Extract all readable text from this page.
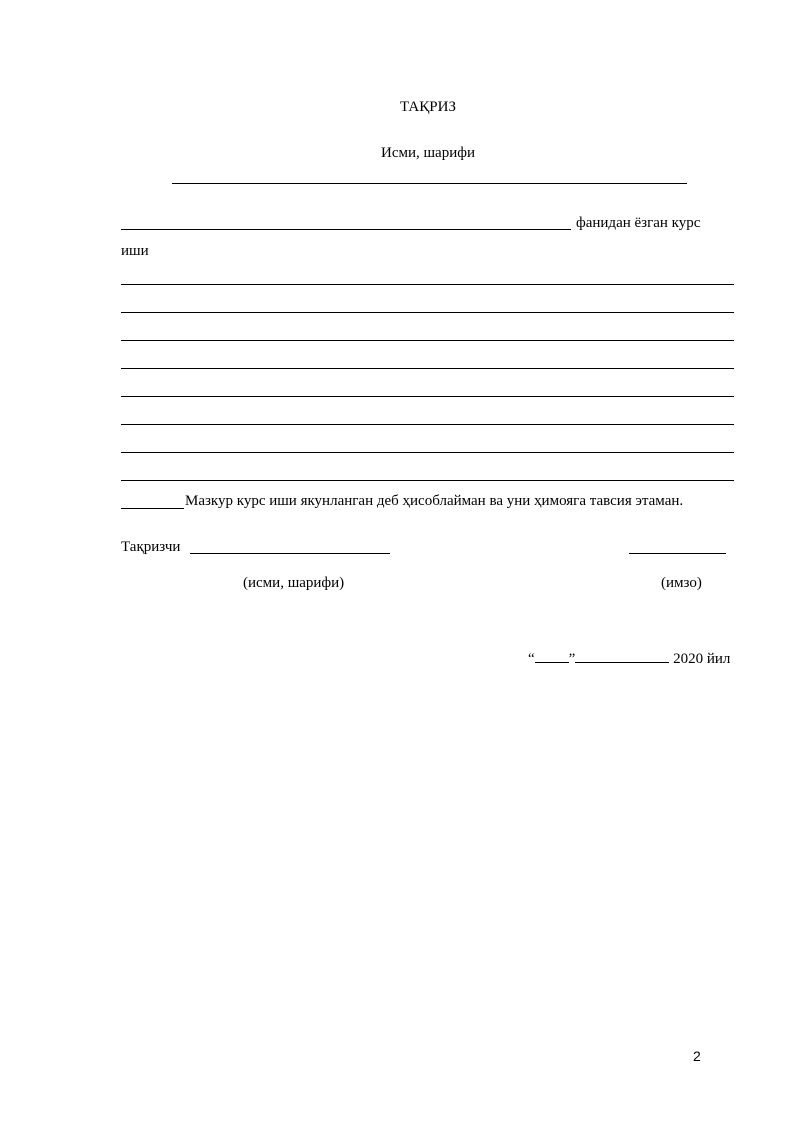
ТАҚРИЗ
Исми, шарифи
фанидан ёзган курс
иши
Мазкур курс иши якунланган деб ҳисоблайман ва уни ҳимояга тавсия этаман.
Тақризчи
(исми, шарифи)	(имзо)
“ ”	2020 йил
2
